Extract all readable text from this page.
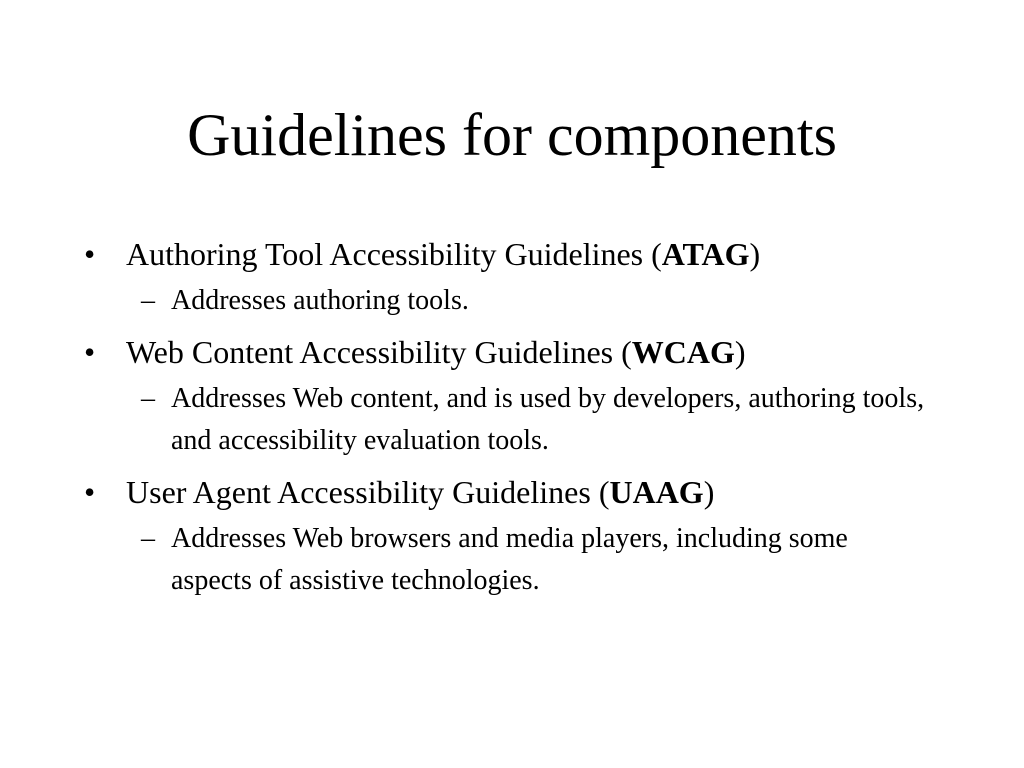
Guidelines for components
• Authoring Tool Accessibility Guidelines (ATAG)
– Addresses authoring tools.
• Web Content Accessibility Guidelines (WCAG)
– Addresses Web content, and is used by developers, authoring tools, and accessibility evaluation tools.
• User Agent Accessibility Guidelines (UAAG)
– Addresses Web browsers and media players, including some aspects of assistive technologies.
